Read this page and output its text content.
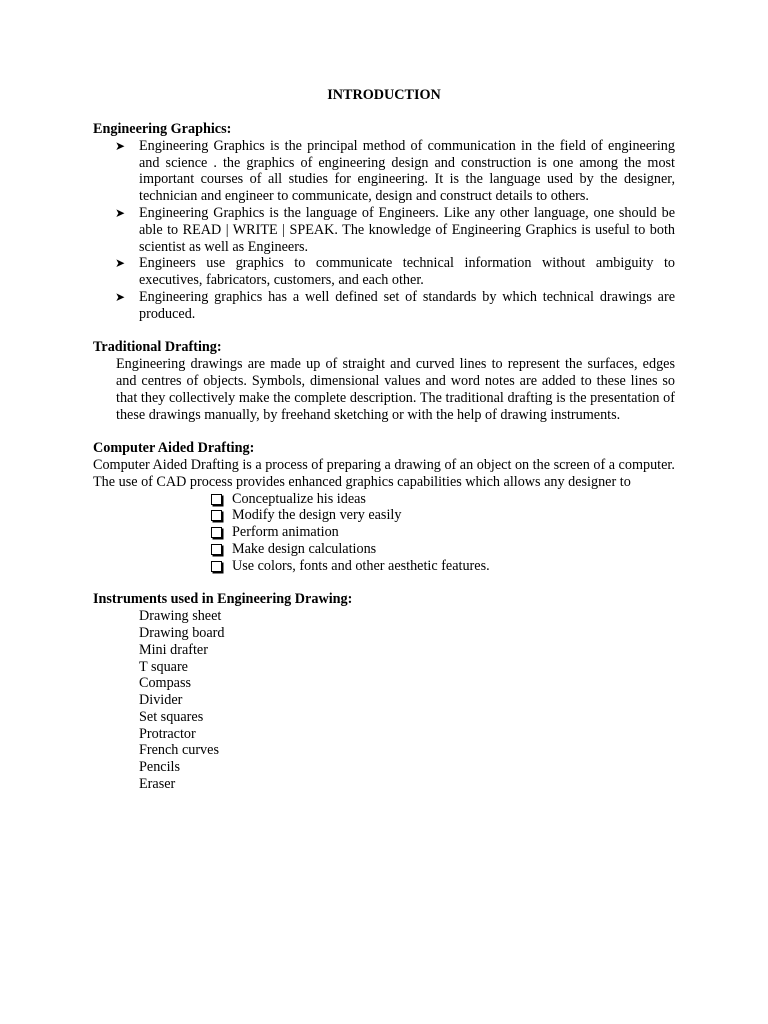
INTRODUCTION
Engineering Graphics:
➤ Engineering Graphics is the principal method of communication in the field of engineering and science . the graphics of engineering design and construction is one among the most important courses of all studies for engineering. It is the language used by the designer, technician and engineer to communicate, design and construct details to others.
➤ Engineering Graphics is the language of Engineers. Like any other language, one should be able to READ | WRITE | SPEAK. The knowledge of Engineering Graphics is useful to both scientist as well as Engineers.
➤ Engineers use graphics to communicate technical information without ambiguity to executives, fabricators, customers, and each other.
➤ Engineering graphics has a well defined set of standards by which technical drawings are produced.
Traditional Drafting:

Engineering drawings are made up of straight and curved lines to represent the surfaces, edges and centres of objects. Symbols, dimensional values and word notes are added to these lines so that they collectively make the complete description. The traditional drafting is the presentation of these drawings manually, by freehand sketching or with the help of drawing instruments.

Computer Aided Drafting:

Computer Aided Drafting is a process of preparing a drawing of an object on the screen of a computer.

The use of CAD process provides enhanced graphics capabilities which allows any designer to

Conceptualize his ideas
Modify the design very easily
Perform animation
Make design calculations
Use colors, fonts and other aesthetic features.
Instruments used in Engineering Drawing:
Drawing sheet
Drawing board
Mini drafter
T square
Compass
Divider
Set squares
Protractor
French curves
Pencils
Eraser
